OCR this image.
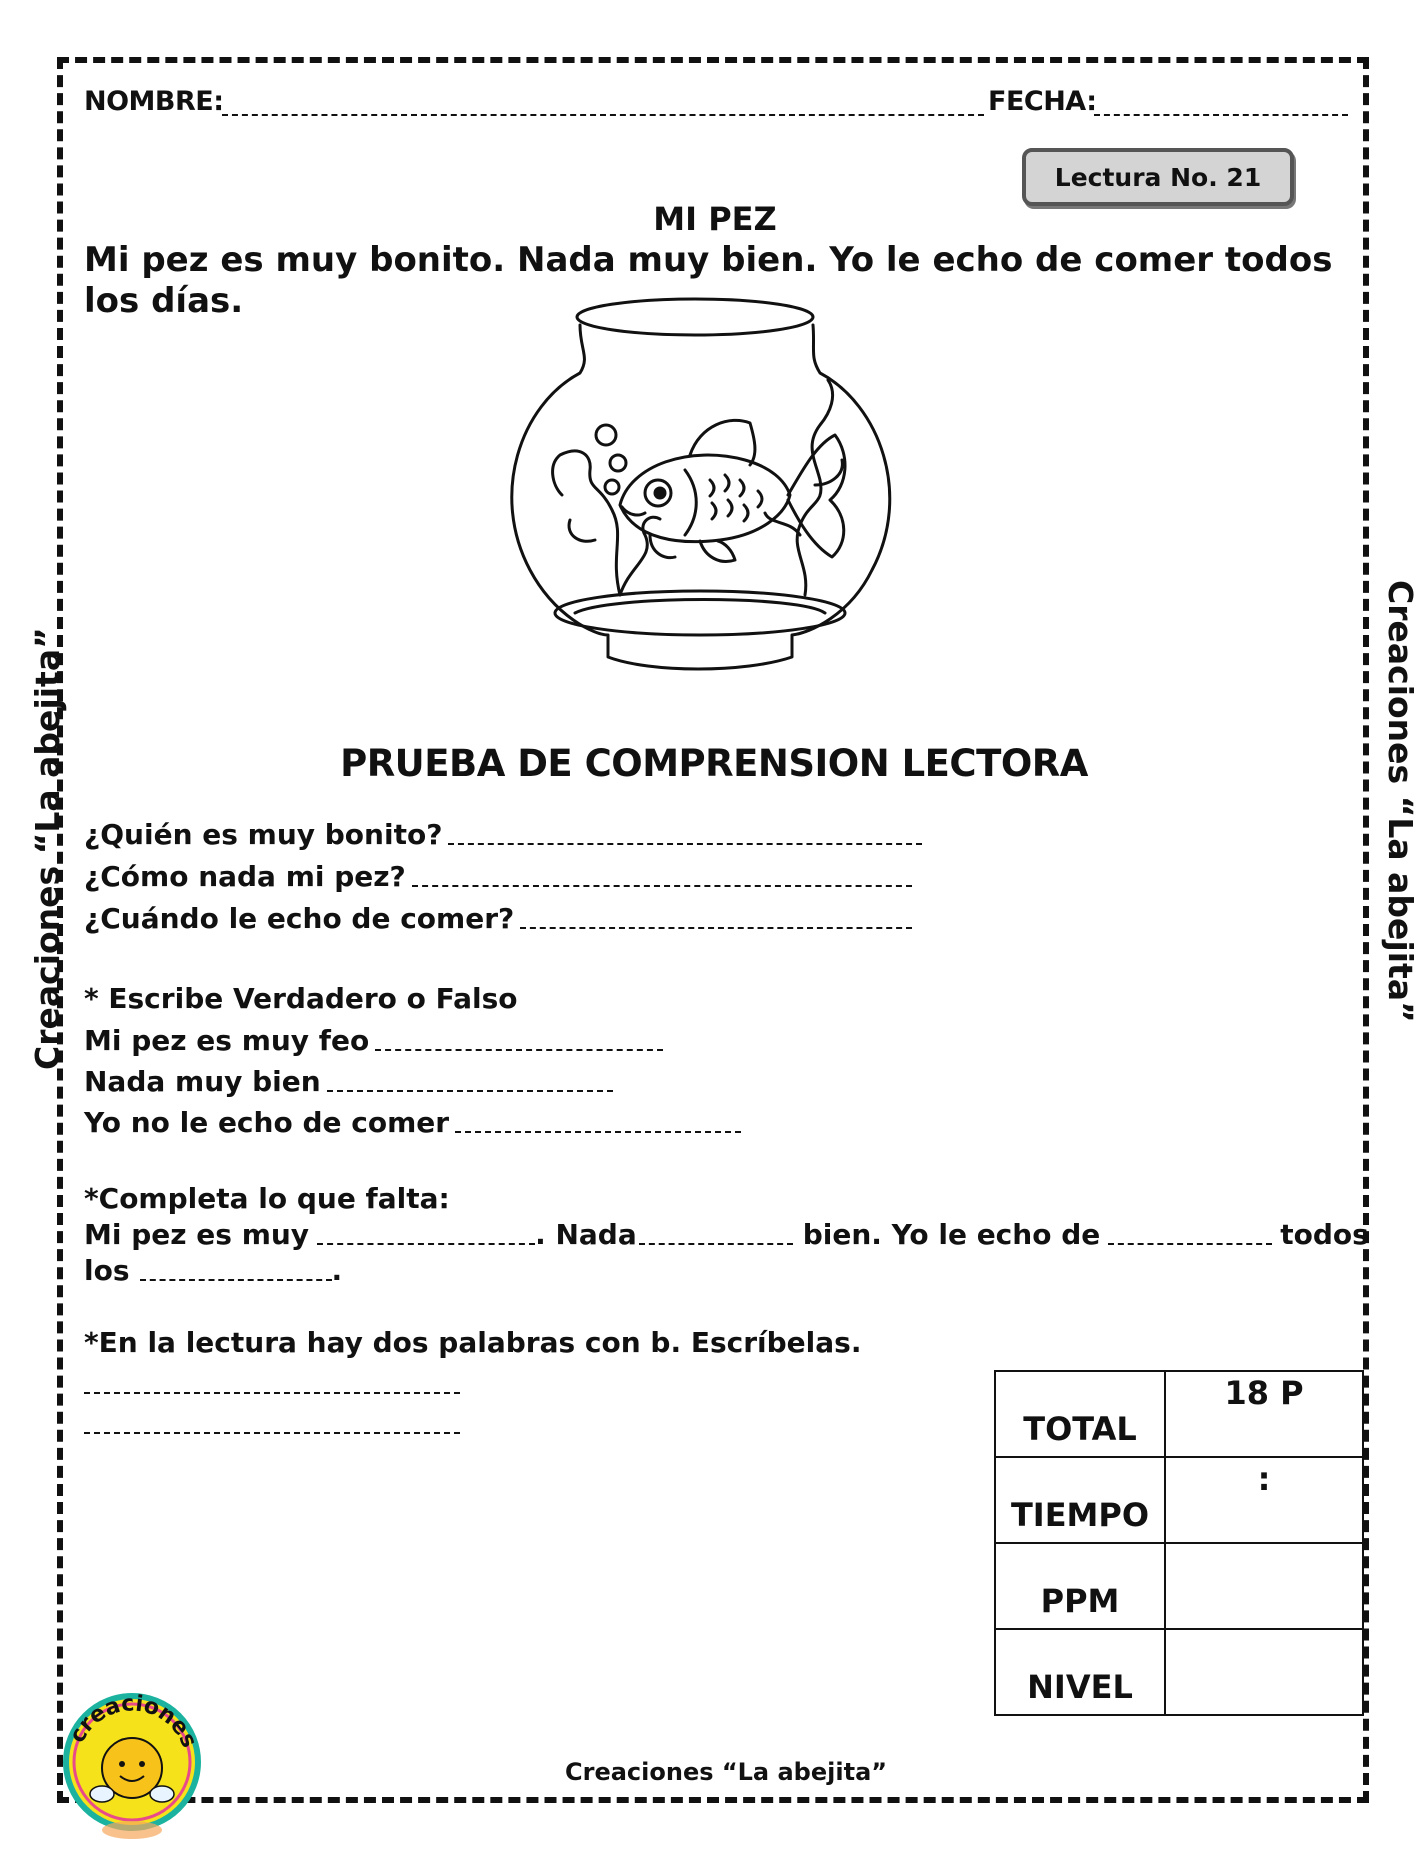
NOMBRE:	FECHA:
Lectura No. 21
MI PEZ
Mi pez es muy bonito. Nada muy bien. Yo le echo de comer todos
los días.
PRUEBA DE COMPRENSION LECTORA
¿Quién es muy bonito?
¿Cómo nada mi pez?
¿Cuándo le echo de comer?
* Escribe Verdadero o Falso
Mi pez es muy feo
Nada muy bien
Yo no le echo de comer
*Completa lo que falta:
Mi pez es muy	. Nada	bien. Yo le echo de	todos
los	.
*En la lectura hay dos palabras con b. Escríbelas.
TOTAL	18 P
TIEMPO	:
PPM	
NIVEL	
Creaciones “La abejita”	Creaciones “La abejita”
Creaciones “La abejita”
creaciones
